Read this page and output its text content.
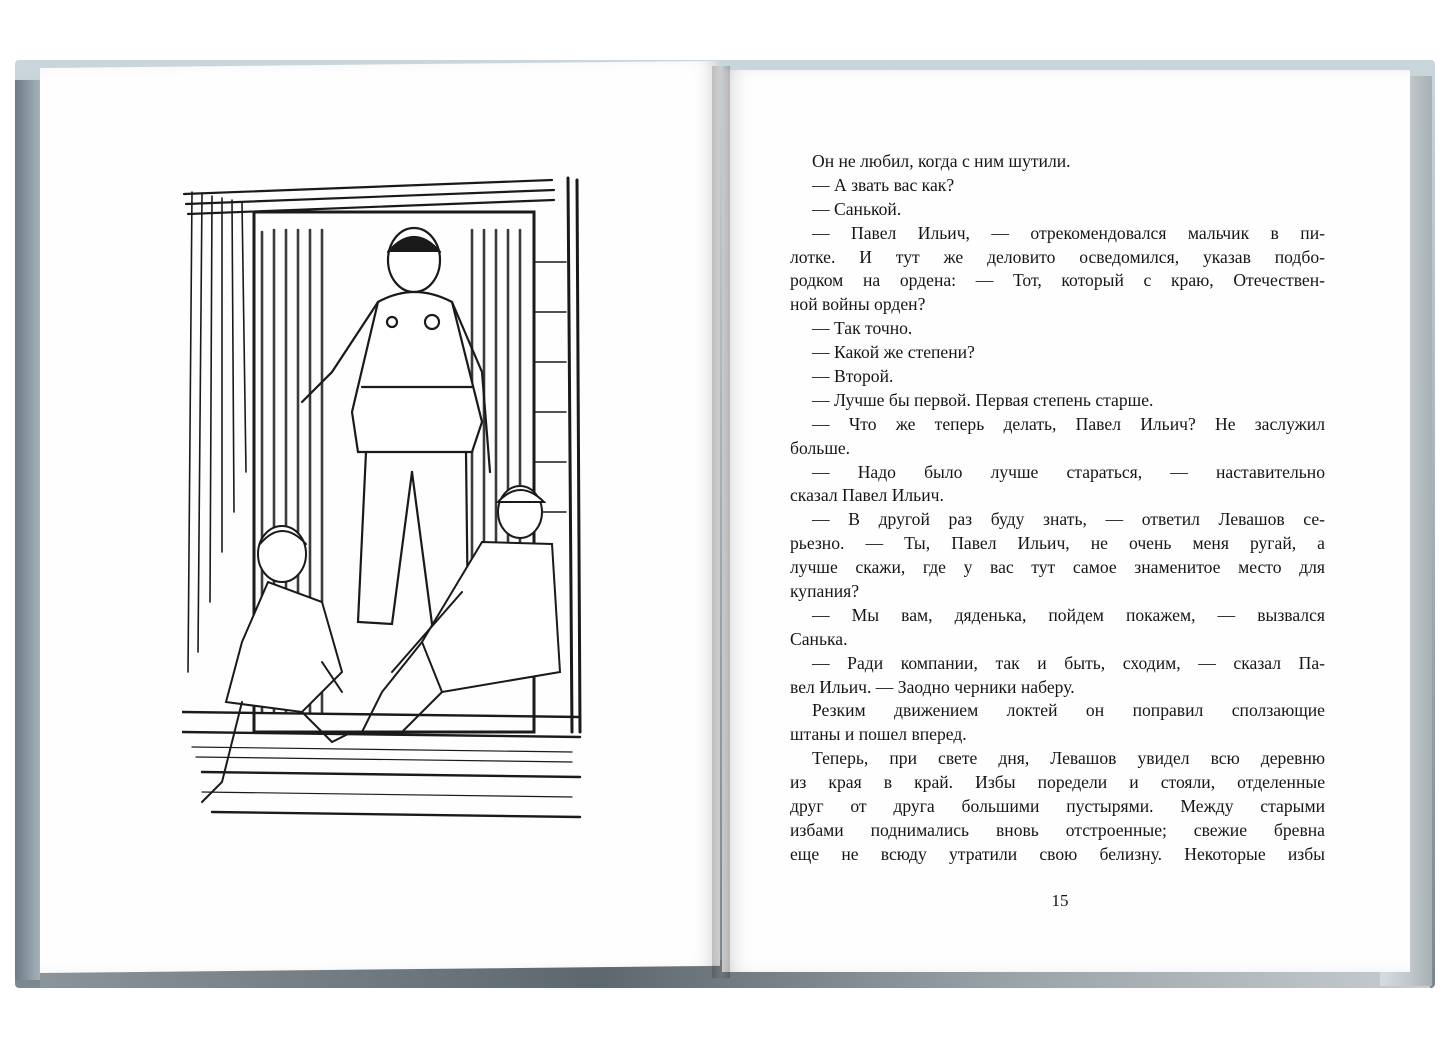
Он не любил, когда с ним шутили.
— А звать вас как?
— Санькой.
— Павел Ильич, — отрекомендовался мальчик в пи-
лотке. И тут же деловито осведомился, указав подбо-
родком на ордена: — Тот, который с краю, Отечествен-
ной войны орден?
— Так точно.
— Какой же степени?
— Второй.
— Лучше бы первой. Первая степень старше.
— Что же теперь делать, Павел Ильич? Не заслужил
больше.
— Надо было лучше стараться, — наставительно
сказал Павел Ильич.
— В другой раз буду знать, — ответил Левашов се-
рьезно. — Ты, Павел Ильич, не очень меня ругай, а
лучше скажи, где у вас тут самое знаменитое место для
купания?
— Мы вам, дяденька, пойдем покажем, — вызвался
Санька.
— Ради компании, так и быть, сходим, — сказал Па-
вел Ильич. — Заодно черники наберу.
Резким движением локтей он поправил сползающие
штаны и пошел вперед.
Теперь, при свете дня, Левашов увидел всю деревню
из края в край. Избы поредели и стояли, отделенные
друг от друга большими пустырями. Между старыми
избами поднимались вновь отстроенные; свежие бревна
еще не всюду утратили свою белизну. Некоторые избы
15
